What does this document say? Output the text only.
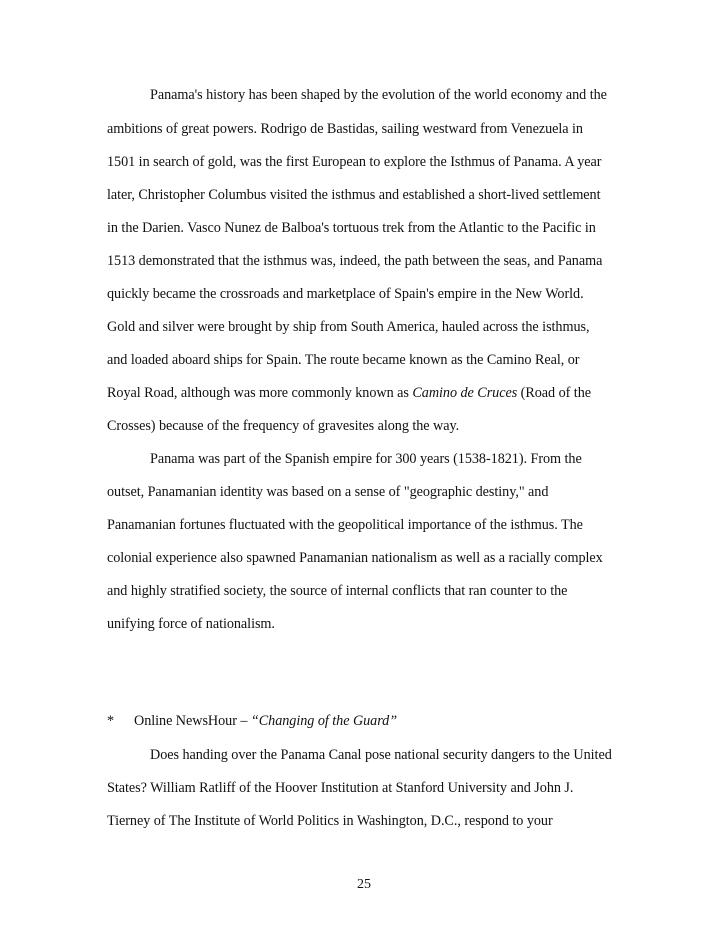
Panama's history has been shaped by the evolution of the world economy and the
ambitions of great powers. Rodrigo de Bastidas, sailing westward from Venezuela in
1501 in search of gold, was the first European to explore the Isthmus of Panama. A year
later, Christopher Columbus visited the isthmus and established a short-lived settlement
in the Darien. Vasco Nunez de Balboa's tortuous trek from the Atlantic to the Pacific in
1513 demonstrated that the isthmus was, indeed, the path between the seas, and Panama
quickly became the crossroads and marketplace of Spain's empire in the New World.
Gold and silver were brought by ship from South America, hauled across the isthmus,
and loaded aboard ships for Spain. The route became known as the Camino Real, or
Royal Road, although was more commonly known as Camino de Cruces (Road of the
Crosses) because of the frequency of gravesites along the way.
Panama was part of the Spanish empire for 300 years (1538-1821). From the
outset, Panamanian identity was based on a sense of "geographic destiny," and
Panamanian fortunes fluctuated with the geopolitical importance of the isthmus. The
colonial experience also spawned Panamanian nationalism as well as a racially complex
and highly stratified society, the source of internal conflicts that ran counter to the
unifying force of nationalism.
* Online NewsHour – “Changing of the Guard”
Does handing over the Panama Canal pose national security dangers to the United
States? William Ratliff of the Hoover Institution at Stanford University and John J.
Tierney of The Institute of World Politics in Washington, D.C., respond to your
25
